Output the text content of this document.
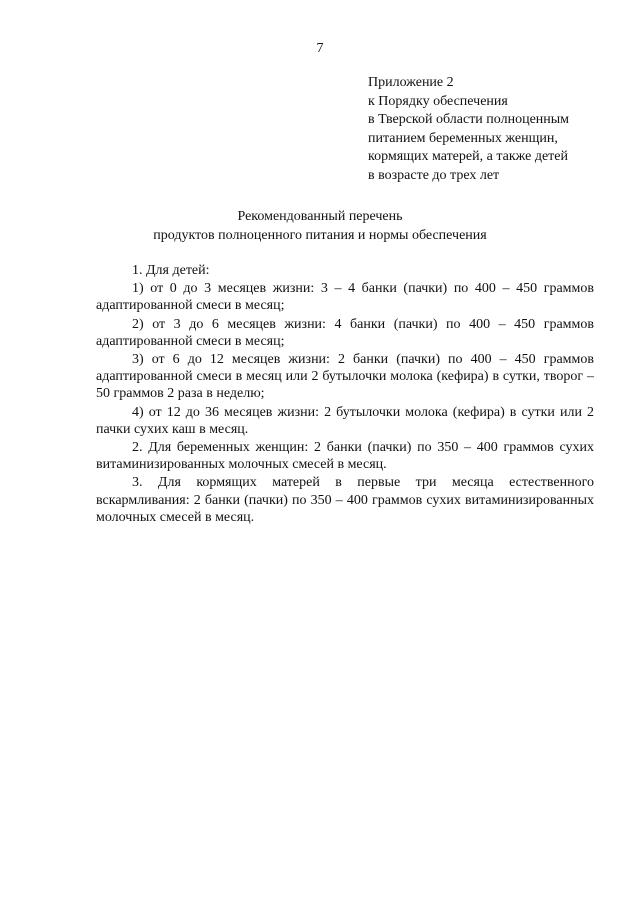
7
Приложение 2
к Порядку обеспечения
в Тверской области полноценным
питанием беременных женщин,
кормящих матерей, а также детей
в возрасте до трех лет
Рекомендованный перечень
продуктов полноценного питания и нормы обеспечения

1. Для детей:

1) от 0 до 3 месяцев жизни: 3 – 4 банки (пачки) по 400 – 450 граммов адаптированной смеси в месяц;

2) от 3 до 6 месяцев жизни: 4 банки (пачки) по 400 – 450 граммов адаптированной смеси в месяц;

3) от 6 до 12 месяцев жизни: 2 банки (пачки) по 400 – 450 граммов адаптированной смеси в месяц или 2 бутылочки молока (кефира) в сутки, творог – 50 граммов 2 раза в неделю;

4) от 12 до 36 месяцев жизни: 2 бутылочки молока (кефира) в сутки или 2 пачки сухих каш в месяц.

2. Для беременных женщин: 2 банки (пачки) по 350 – 400 граммов сухих витаминизированных молочных смесей в месяц.

3. Для кормящих матерей в первые три месяца естественного вскармливания: 2 банки (пачки) по 350 – 400 граммов сухих витаминизированных молочных смесей в месяц.
